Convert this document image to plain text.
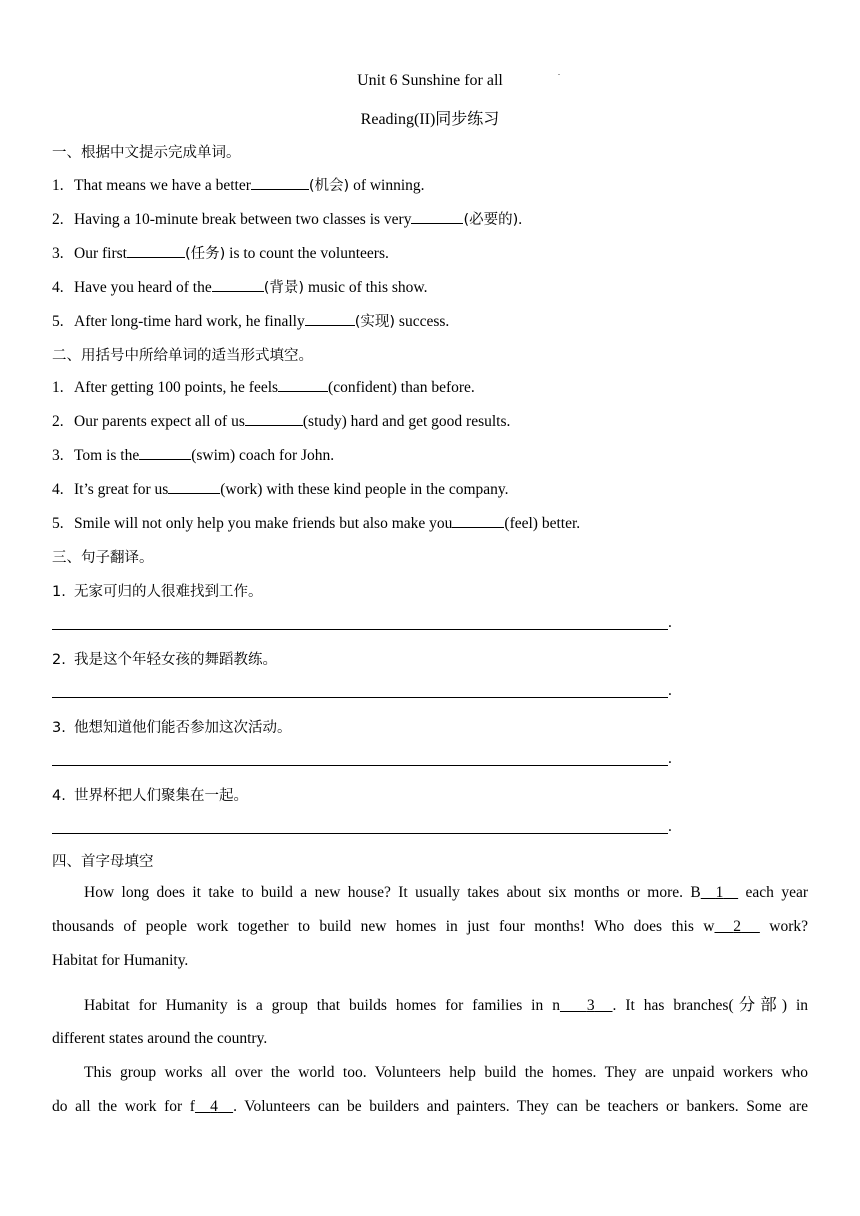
.
Unit 6 Sunshine for all
Reading(II)同步练习
一、根据中文提示完成单词。
1. That means we have a better	(机会) of winning.
2. Having a 10-minute break between two classes is very	(必要的).
3. Our first	(任务) is to count the volunteers.
4. Have you heard of the	(背景) music of this show.
5. After long-time hard work, he finally	(实现) success.
二、用括号中所给单词的适当形式填空。
1. After getting 100 points, he feels	(confident) than before.
2. Our parents expect all of us	(study) hard and get good results.
3. Tom is the	(swim) coach for John.
4. It’s great for us	(work) with these kind people in the company.
5. Smile will not only help you make friends but also make you	(feel) better.
三、句子翻译。
1. 无家可归的人很难找到工作。
.
2. 我是这个年轻女孩的舞蹈教练。
.
3. 他想知道他们能否参加这次活动。
.
4. 世界杯把人们聚集在一起。
.
四、首字母填空
How long does it take to build a new house? It usually takes about six months or more. B 1   each year
thousands of people work together to build new homes in just four months! Who does this w 2   work?
Habitat for Humanity.
Habitat for Humanity is a group that builds homes for families in n 3 . It has branches(分部) in
different states around the country.
This group works all over the world too. Volunteers help build the homes. They are unpaid workers who
do all the work for f 4 . Volunteers can be builders and painters. They can be teachers or bankers. Some are
